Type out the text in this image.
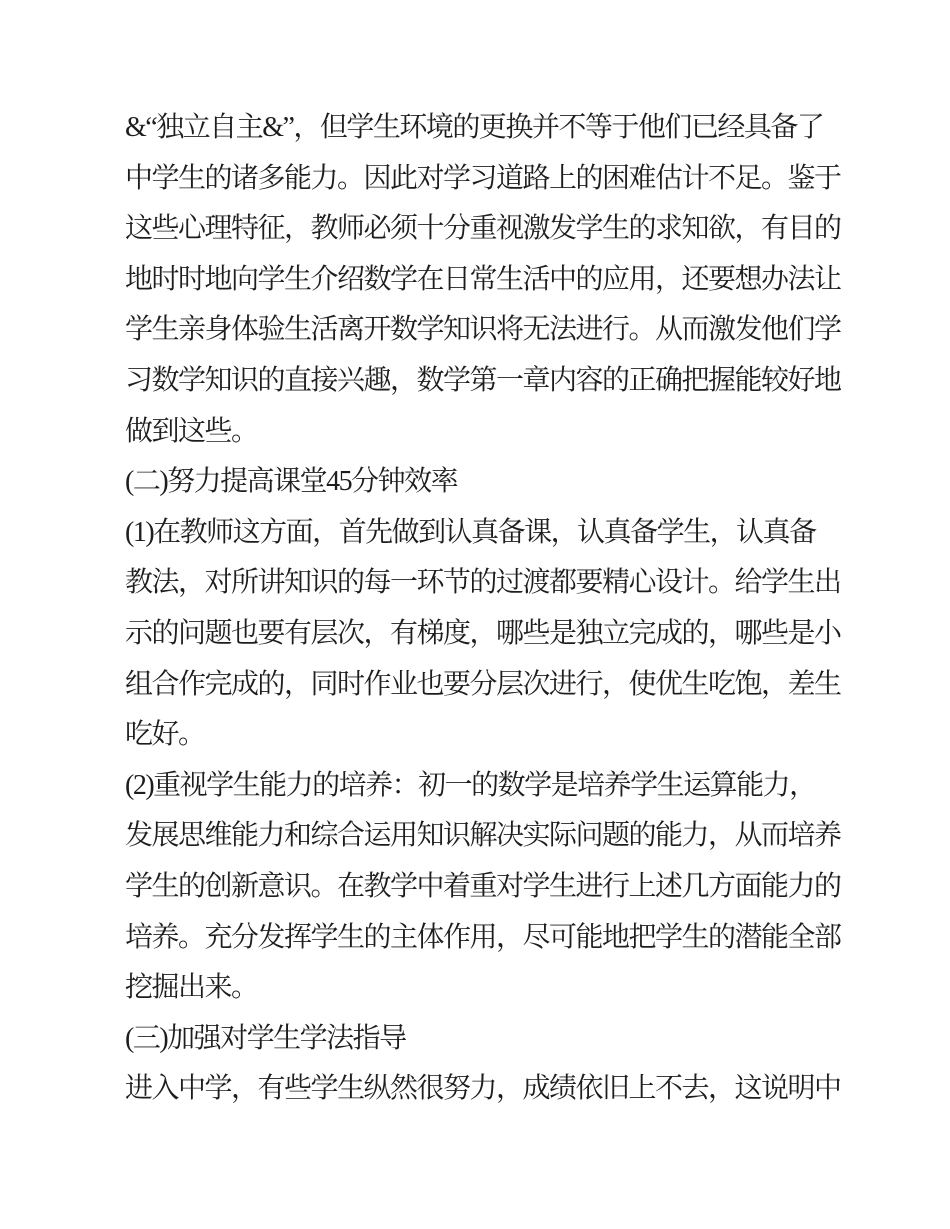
&“独立自主&”，但学生环境的更换并不等于他们已经具备了
中学生的诸多能力。因此对学习道路上的困难估计不足。鉴于
这些心理特征，教师必须十分重视激发学生的求知欲，有目的
地时时地向学生介绍数学在日常生活中的应用，还要想办法让
学生亲身体验生活离开数学知识将无法进行。从而激发他们学
习数学知识的直接兴趣，数学第一章内容的正确把握能较好地
做到这些。
(二)努力提高课堂45分钟效率
(1)在教师这方面，首先做到认真备课，认真备学生，认真备
教法，对所讲知识的每一环节的过渡都要精心设计。给学生出
示的问题也要有层次，有梯度，哪些是独立完成的，哪些是小
组合作完成的，同时作业也要分层次进行，使优生吃饱，差生
吃好。
(2)重视学生能力的培养：初一的数学是培养学生运算能力，
发展思维能力和综合运用知识解决实际问题的能力，从而培养
学生的创新意识。在教学中着重对学生进行上述几方面能力的
培养。充分发挥学生的主体作用，尽可能地把学生的潜能全部
挖掘出来。
(三)加强对学生学法指导
进入中学，有些学生纵然很努力，成绩依旧上不去，这说明中
